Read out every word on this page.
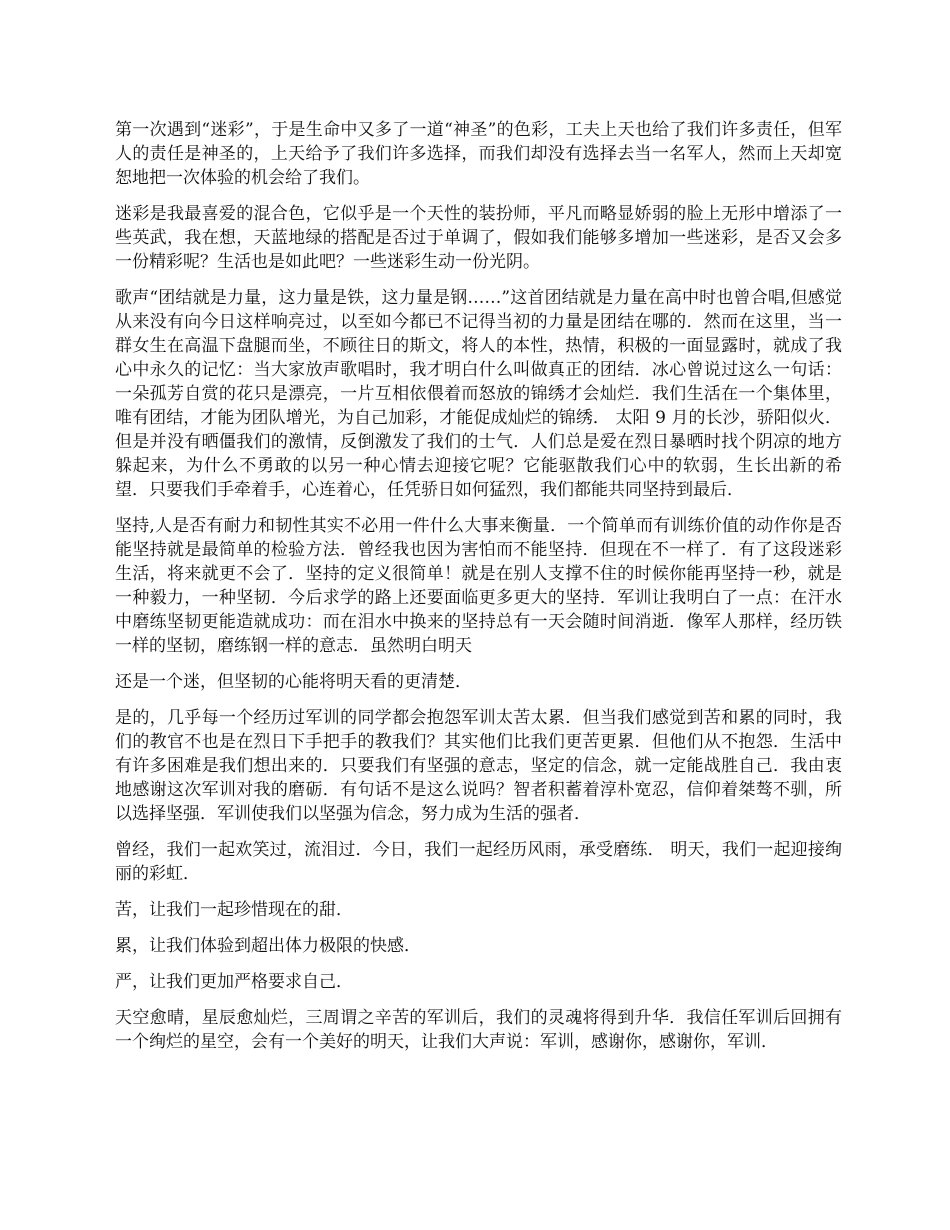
第一次遇到“迷彩”，于是生命中又多了一道“神圣”的色彩，工夫上天也给了我们许多责任，但军人的责任是神圣的，上天给予了我们许多选择，而我们却没有选择去当一名军人，然而上天却宽恕地把一次体验的机会给了我们。

迷彩是我最喜爱的混合色，它似乎是一个天性的装扮师，平凡而略显娇弱的脸上无形中增添了一些英武，我在想，天蓝地绿的搭配是否过于单调了，假如我们能够多增加一些迷彩，是否又会多一份精彩呢？生活也是如此吧？一些迷彩生动一份光阴。

歌声“团结就是力量，这力量是铁，这力量是钢……”这首团结就是力量在高中时也曾合唱,但感觉从来没有向今日这样响亮过，以至如今都已不记得当初的力量是团结在哪的．然而在这里，当一群女生在高温下盘腿而坐，不顾往日的斯文，将人的本性，热情，积极的一面显露时，就成了我心中永久的记忆：当大家放声歌唱时，我才明白什么叫做真正的团结．冰心曾说过这么一句话：一朵孤芳自赏的花只是漂亮，一片互相依偎着而怒放的锦绣才会灿烂．我们生活在一个集体里，唯有团结，才能为团队增光，为自己加彩，才能促成灿烂的锦绣． 太阳 9 月的长沙，骄阳似火．但是并没有晒僵我们的激情，反倒激发了我们的士气．人们总是爱在烈日暴晒时找个阴凉的地方躲起来，为什么不勇敢的以另一种心情去迎接它呢？它能驱散我们心中的软弱，生长出新的希望．只要我们手牵着手，心连着心，任凭骄日如何猛烈，我们都能共同坚持到最后．

坚持,人是否有耐力和韧性其实不必用一件什么大事来衡量．一个简单而有训练价值的动作你是否能坚持就是最简单的检验方法．曾经我也因为害怕而不能坚持．但现在不一样了．有了这段迷彩生活，将来就更不会了．坚持的定义很简单！就是在别人支撑不住的时候你能再坚持一秒，就是一种毅力，一种坚韧．今后求学的路上还要面临更多更大的坚持．军训让我明白了一点：在汗水中磨练坚韧更能造就成功：而在泪水中换来的坚持总有一天会随时间消逝．像军人那样，经历铁一样的坚韧，磨练钢一样的意志．虽然明白明天

还是一个迷，但坚韧的心能将明天看的更清楚．

是的，几乎每一个经历过军训的同学都会抱怨军训太苦太累．但当我们感觉到苦和累的同时，我们的教官不也是在烈日下手把手的教我们？其实他们比我们更苦更累．但他们从不抱怨．生活中有许多困难是我们想出来的．只要我们有坚强的意志，坚定的信念，就一定能战胜自己．我由衷地感谢这次军训对我的磨砺．有句话不是这么说吗？智者积蓄着淳朴宽忍，信仰着桀骜不驯，所以选择坚强．军训使我们以坚强为信念，努力成为生活的强者．

曾经，我们一起欢笑过，流泪过．今日，我们一起经历风雨，承受磨练． 明天，我们一起迎接绚丽的彩虹．

苦，让我们一起珍惜现在的甜．

累，让我们体验到超出体力极限的快感．

严，让我们更加严格要求自己．

天空愈晴，星辰愈灿烂，三周谓之辛苦的军训后，我们的灵魂将得到升华．我信任军训后回拥有一个绚烂的星空，会有一个美好的明天，让我们大声说：军训，感谢你，感谢你，军训．
